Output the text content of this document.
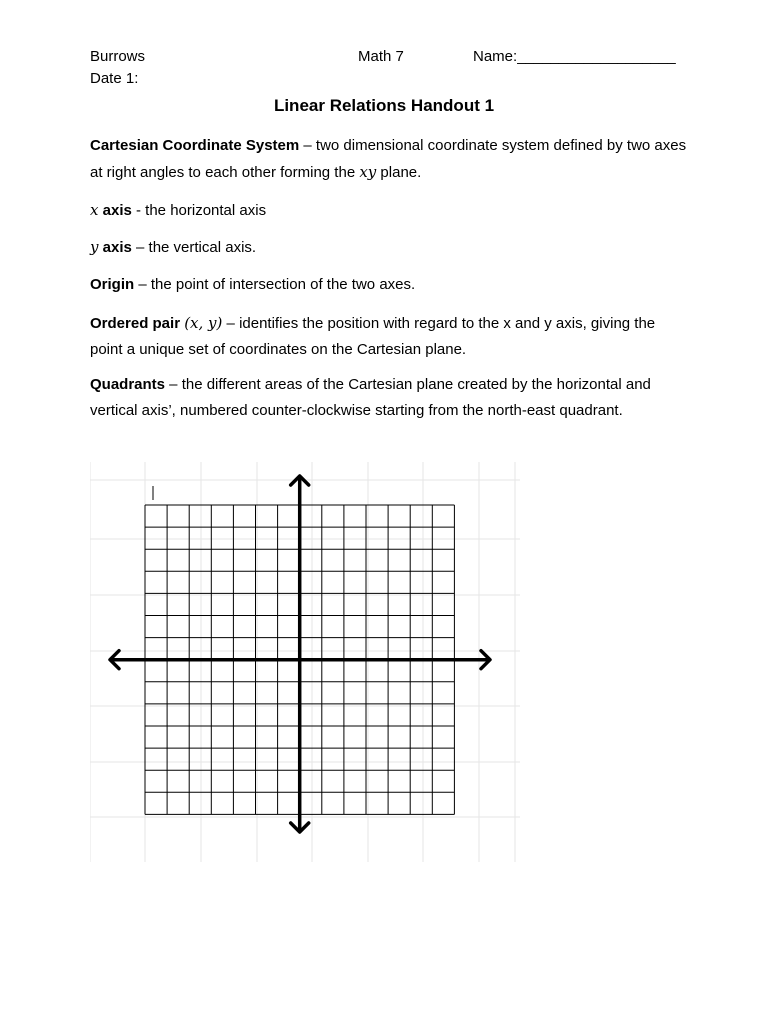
Burrows
Date 1:
Math 7	Name:___________________
Linear Relations Handout 1
Cartesian Coordinate System – two dimensional coordinate system defined by two axes at right angles to each other forming the xy plane.
x axis - the horizontal axis
y axis – the vertical axis.
Origin – the point of intersection of the two axes.
Ordered pair (x, y) – identifies the position with regard to the x and y axis, giving the point a unique set of coordinates on the Cartesian plane.
Quadrants – the different areas of the Cartesian plane created by the horizontal and vertical axis’, numbered counter-clockwise starting from the north-east quadrant.
